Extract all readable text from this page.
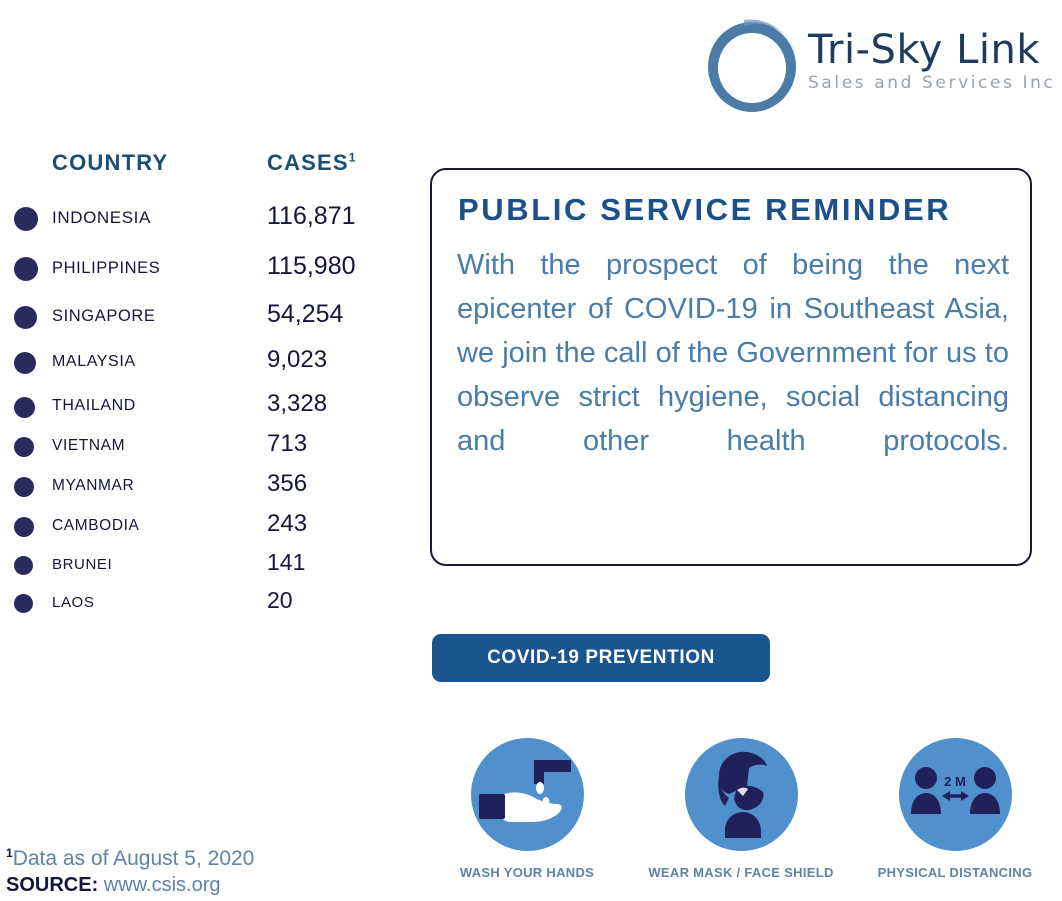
Tri-Sky Link
Sales and Services Inc
COUNTRY	CASES$^1$
INDONESIA	116,871
PHILIPPINES	115,980
SINGAPORE	54,254
MALAYSIA	9,023
THAILAND	3,328
VIETNAM	713
MYANMAR	356
CAMBODIA	243
BRUNEI	141
LAOS	20
PUBLIC SERVICE REMINDER
With the prospect of being the next epicenter of COVID-19 in Southeast Asia, we join the call of the Government for us to observe strict hygiene, social distancing and other health protocols.
COVID-19 PREVENTION
WASH YOUR HANDS	WEAR MASK / FACE SHIELD
2 M
PHYSICAL DISTANCING
$^1$Data as of August 5, 2020
SOURCE: www.csis.org
